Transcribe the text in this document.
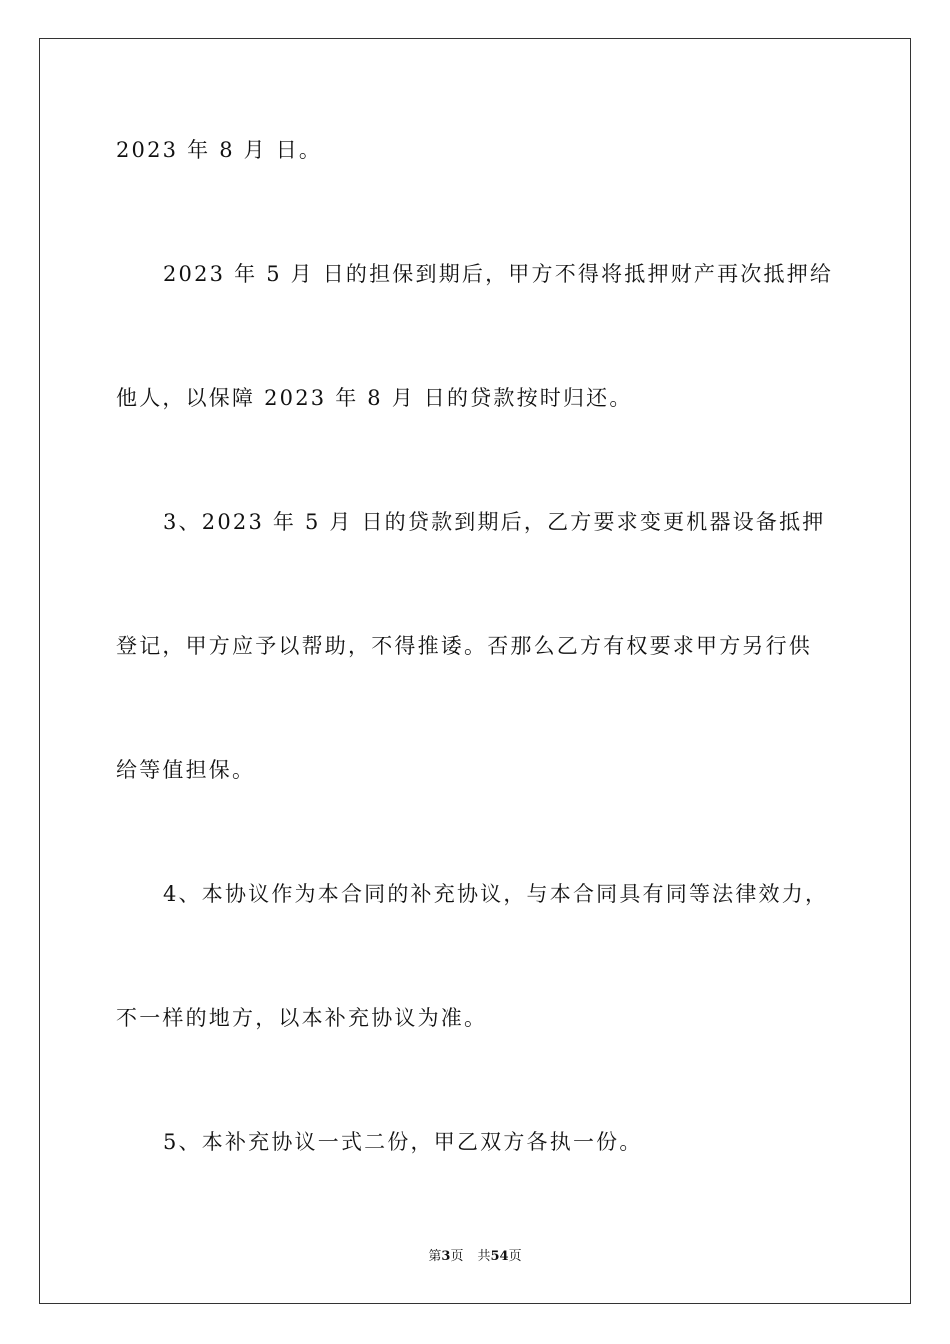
2023 年 8 月 日。
2023 年 5 月 日的担保到期后，甲方不得将抵押财产再次抵押给
他人，以保障 2023 年 8 月 日的贷款按时归还。
3、2023 年 5 月 日的贷款到期后，乙方要求变更机器设备抵押
登记，甲方应予以帮助，不得推诿。否那么乙方有权要求甲方另行供
给等值担保。
4、本协议作为本合同的补充协议，与本合同具有同等法律效力，
不一样的地方，以本补充协议为准。
5、本补充协议一式二份，甲乙双方各执一份。
第3页 共54页
